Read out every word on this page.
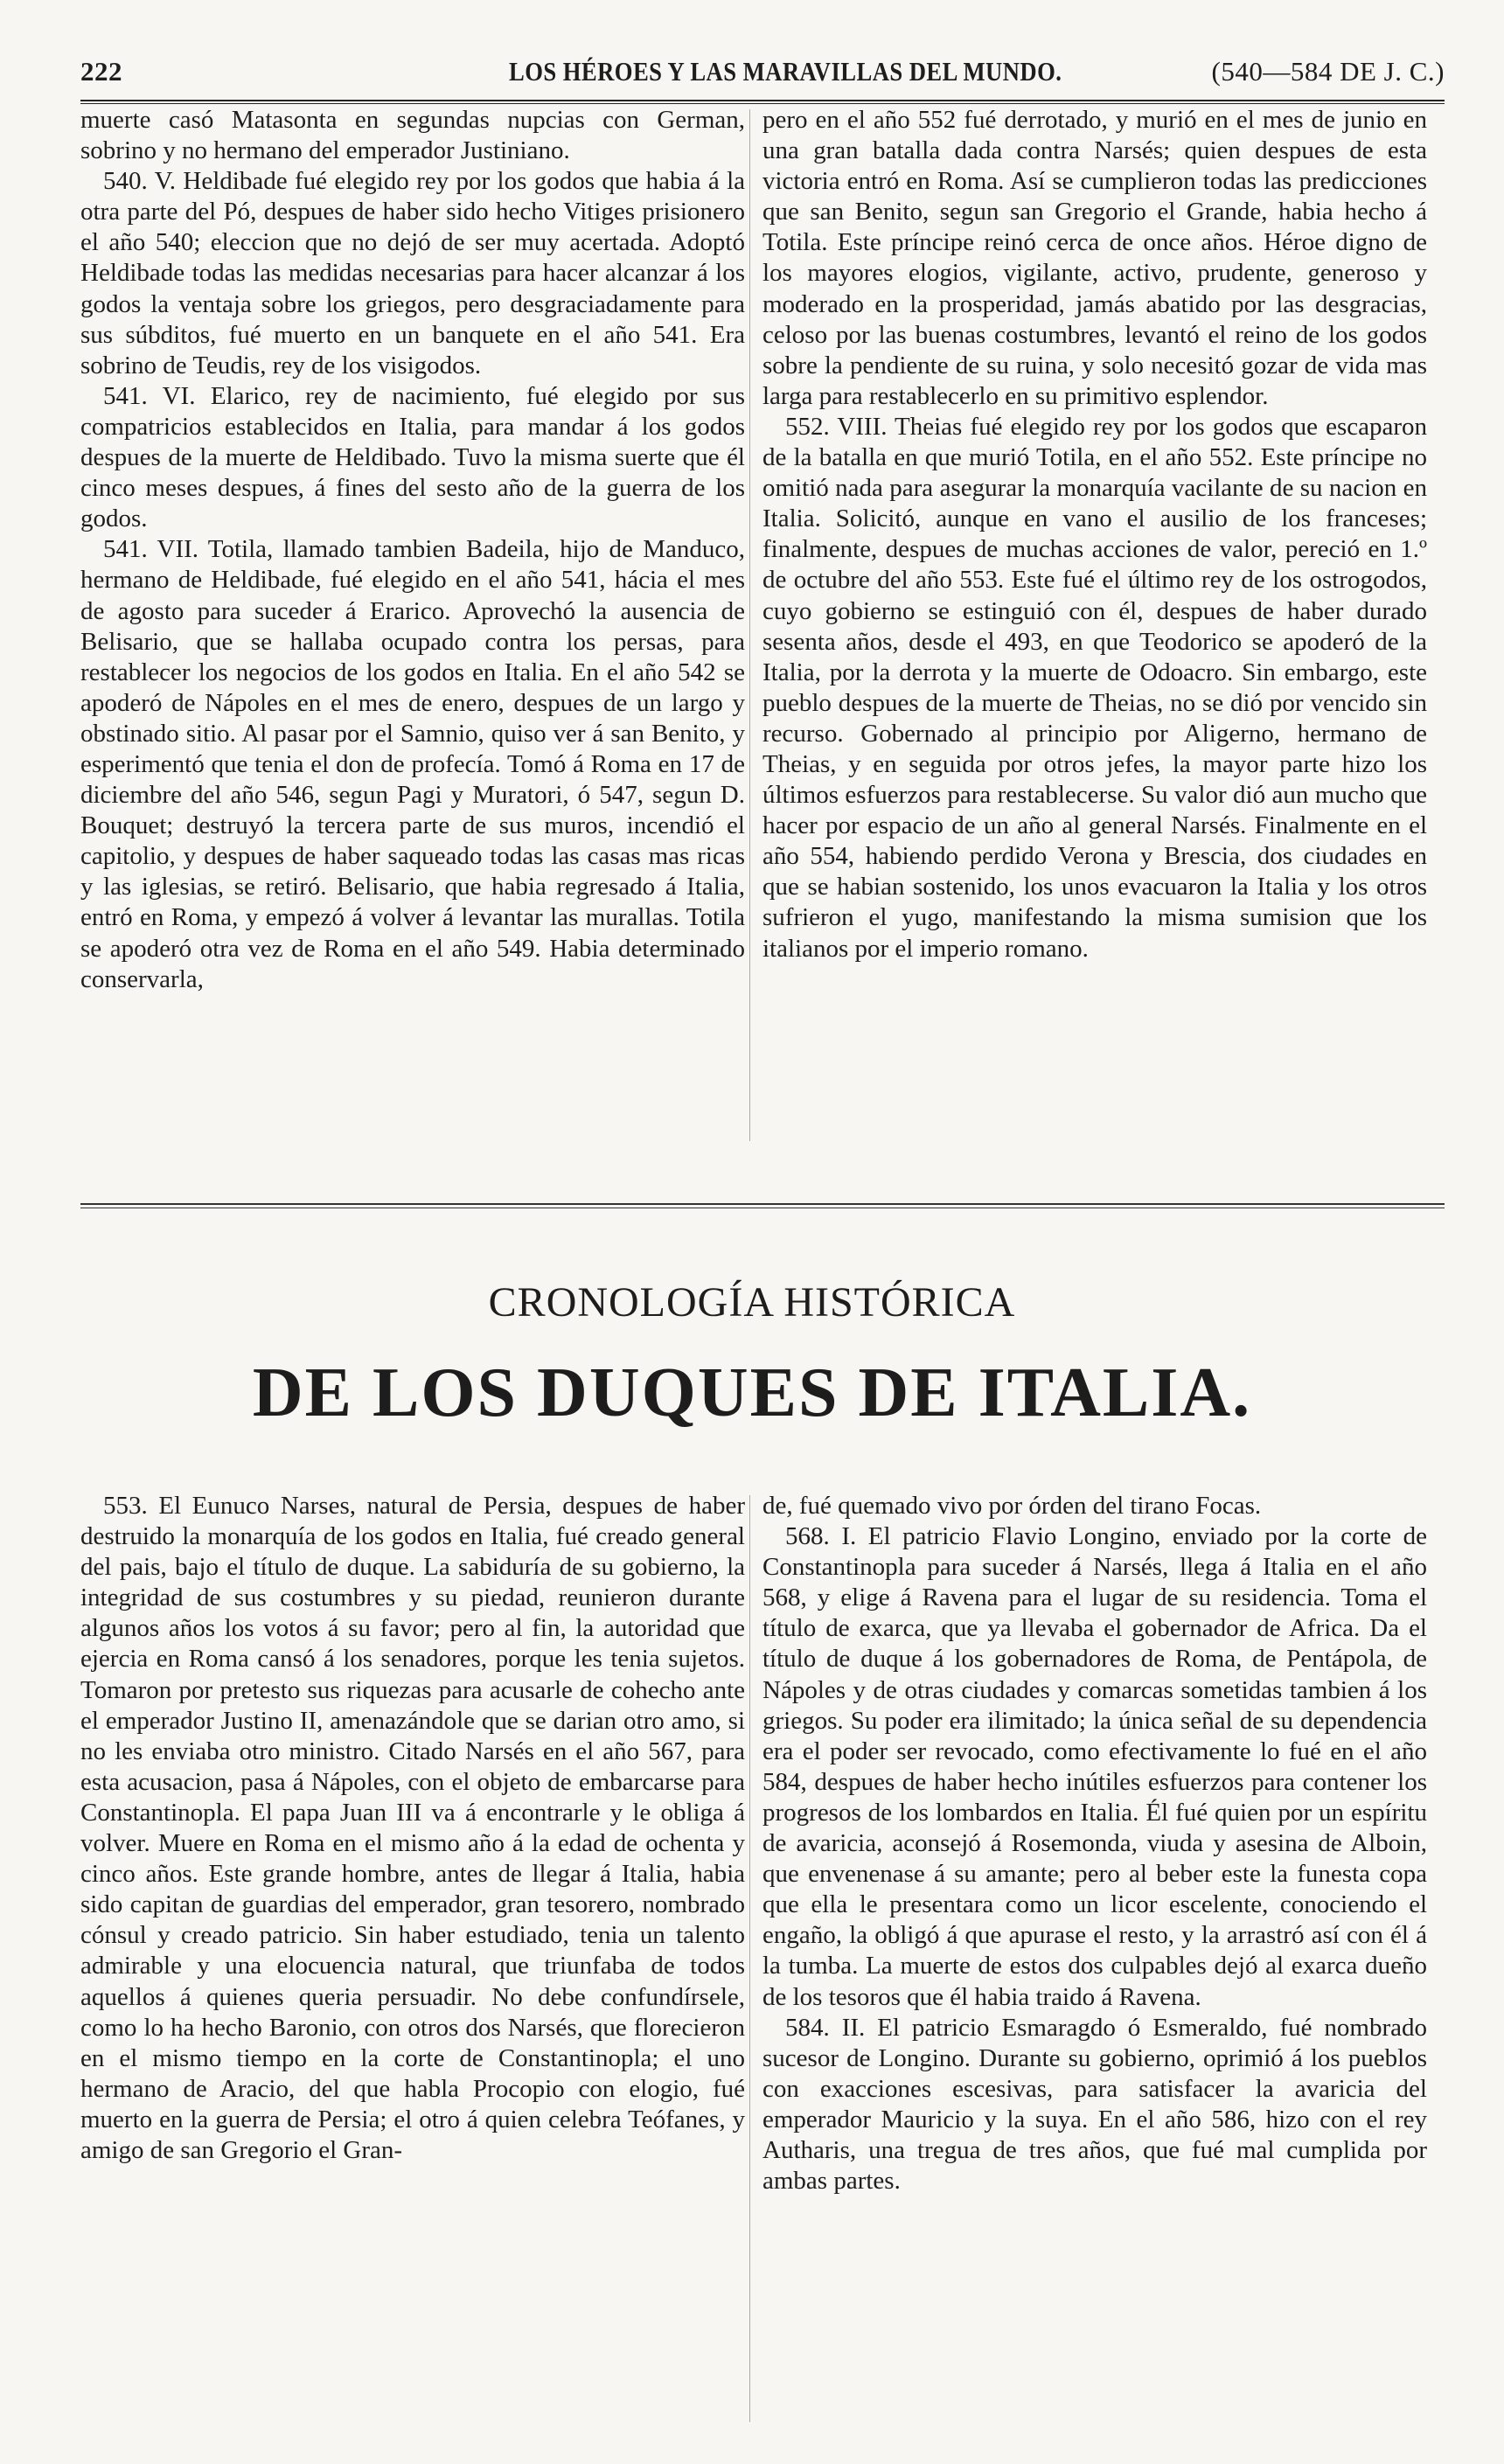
222	LOS HÉROES Y LAS MARAVILLAS DEL MUNDO.	(540—584 DE J. C.)

muerte casó Matasonta en segundas nupcias con German, sobrino y no hermano del emperador Justiniano.

540. V. Heldibade fué elegido rey por los godos que habia á la otra parte del Pó, despues de haber sido hecho Vitiges prisionero el año 540; eleccion que no dejó de ser muy acertada. Adoptó Heldibade todas las medidas necesarias para hacer alcanzar á los godos la ventaja sobre los griegos, pero desgraciadamente para sus súbditos, fué muerto en un banquete en el año 541. Era sobrino de Teudis, rey de los visigodos.

541. VI. Elarico, rey de nacimiento, fué elegido por sus compatricios establecidos en Italia, para mandar á los godos despues de la muerte de Heldibado. Tuvo la misma suerte que él cinco meses despues, á fines del sesto año de la guerra de los godos.

541. VII. Totila, llamado tambien Badeila, hijo de Manduco, hermano de Heldibade, fué elegido en el año 541, hácia el mes de agosto para suceder á Erarico. Aprovechó la ausencia de Belisario, que se hallaba ocupado contra los persas, para restablecer los negocios de los godos en Italia. En el año 542 se apoderó de Nápoles en el mes de enero, despues de un largo y obstinado sitio. Al pasar por el Samnio, quiso ver á san Benito, y esperimentó que tenia el don de profecía. Tomó á Roma en 17 de diciembre del año 546, segun Pagi y Muratori, ó 547, segun D. Bouquet; destruyó la tercera parte de sus muros, incendió el capitolio, y despues de haber saqueado todas las casas mas ricas y las iglesias, se retiró. Belisario, que habia regresado á Italia, entró en Roma, y empezó á volver á levantar las murallas. Totila se apoderó otra vez de Roma en el año 549. Habia determinado conservarla,

pero en el año 552 fué derrotado, y murió en el mes de junio en una gran batalla dada contra Narsés; quien despues de esta victoria entró en Roma. Así se cumplieron todas las predicciones que san Benito, segun san Gregorio el Grande, habia hecho á Totila. Este príncipe reinó cerca de once años. Héroe digno de los mayores elogios, vigilante, activo, prudente, generoso y moderado en la prosperidad, jamás abatido por las desgracias, celoso por las buenas costumbres, levantó el reino de los godos sobre la pendiente de su ruina, y solo necesitó gozar de vida mas larga para restablecerlo en su primitivo esplendor.

552. VIII. Theias fué elegido rey por los godos que escaparon de la batalla en que murió Totila, en el año 552. Este príncipe no omitió nada para asegurar la monarquía vacilante de su nacion en Italia. Solicitó, aunque en vano el ausilio de los franceses; finalmente, despues de muchas acciones de valor, pereció en 1.º de octubre del año 553. Este fué el último rey de los ostrogodos, cuyo gobierno se estinguió con él, despues de haber durado sesenta años, desde el 493, en que Teodorico se apoderó de la Italia, por la derrota y la muerte de Odoacro. Sin embargo, este pueblo despues de la muerte de Theias, no se dió por vencido sin recurso. Gobernado al principio por Aligerno, hermano de Theias, y en seguida por otros jefes, la mayor parte hizo los últimos esfuerzos para restablecerse. Su valor dió aun mucho que hacer por espacio de un año al general Narsés. Finalmente en el año 554, habiendo perdido Verona y Brescia, dos ciudades en que se habian sostenido, los unos evacuaron la Italia y los otros sufrieron el yugo, manifestando la misma sumision que los italianos por el imperio romano.

CRONOLOGÍA HISTÓRICA
DE LOS DUQUES DE ITALIA.

553. El Eunuco Narses, natural de Persia, despues de haber destruido la monarquía de los godos en Italia, fué creado general del pais, bajo el título de duque. La sabiduría de su gobierno, la integridad de sus costumbres y su piedad, reunieron durante algunos años los votos á su favor; pero al fin, la autoridad que ejercia en Roma cansó á los senadores, porque les tenia sujetos. Tomaron por pretesto sus riquezas para acusarle de cohecho ante el emperador Justino II, amenazándole que se darian otro amo, si no les enviaba otro ministro. Citado Narsés en el año 567, para esta acusacion, pasa á Nápoles, con el objeto de embarcarse para Constantinopla. El papa Juan III va á encontrarle y le obliga á volver. Muere en Roma en el mismo año á la edad de ochenta y cinco años. Este grande hombre, antes de llegar á Italia, habia sido capitan de guardias del emperador, gran tesorero, nombrado cónsul y creado patricio. Sin haber estudiado, tenia un talento admirable y una elocuencia natural, que triunfaba de todos aquellos á quienes queria persuadir. No debe confundírsele, como lo ha hecho Baronio, con otros dos Narsés, que florecieron en el mismo tiempo en la corte de Constantinopla; el uno hermano de Aracio, del que habla Procopio con elogio, fué muerto en la guerra de Persia; el otro á quien celebra Teófanes, y amigo de san Gregorio el Gran-

de, fué quemado vivo por órden del tirano Focas.

568. I. El patricio Flavio Longino, enviado por la corte de Constantinopla para suceder á Narsés, llega á Italia en el año 568, y elige á Ravena para el lugar de su residencia. Toma el título de exarca, que ya llevaba el gobernador de Africa. Da el título de duque á los gobernadores de Roma, de Pentápola, de Nápoles y de otras ciudades y comarcas sometidas tambien á los griegos. Su poder era ilimitado; la única señal de su dependencia era el poder ser revocado, como efectivamente lo fué en el año 584, despues de haber hecho inútiles esfuerzos para contener los progresos de los lombardos en Italia. Él fué quien por un espíritu de avaricia, aconsejó á Rosemonda, viuda y asesina de Alboin, que envenenase á su amante; pero al beber este la funesta copa que ella le presentara como un licor escelente, conociendo el engaño, la obligó á que apurase el resto, y la arrastró así con él á la tumba. La muerte de estos dos culpables dejó al exarca dueño de los tesoros que él habia traido á Ravena.

584. II. El patricio Esmaragdo ó Esmeraldo, fué nombrado sucesor de Longino. Durante su gobierno, oprimió á los pueblos con exacciones escesivas, para satisfacer la avaricia del emperador Mauricio y la suya. En el año 586, hizo con el rey Autharis, una tregua de tres años, que fué mal cumplida por ambas partes.
